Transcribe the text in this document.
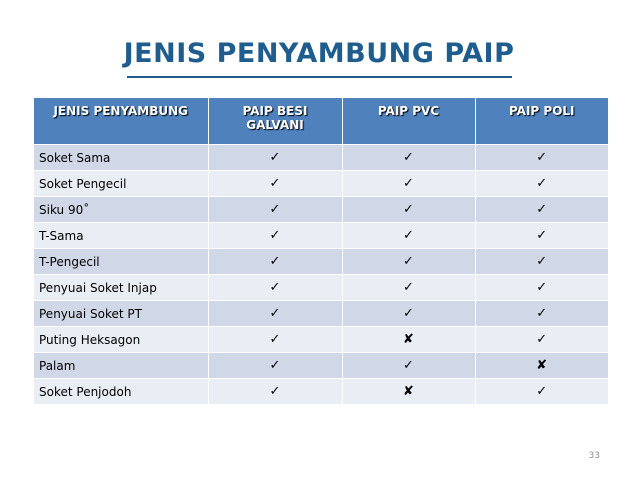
JENIS PENYAMBUNG PAIP
JENIS PENYAMBUNG	PAIP BESI GALVANI	PAIP PVC	PAIP POLI
Soket Sama	✓	✓	✓
Soket Pengecil	✓	✓	✓
Siku 90˚	✓	✓	✓
T-Sama	✓	✓	✓
T-Pengecil	✓	✓	✓
Penyuai Soket Injap	✓	✓	✓
Penyuai Soket PT	✓	✓	✓
Puting Heksagon	✓	✘	✓
Palam	✓	✓	✘
Soket Penjodoh	✓	✘	✓
33
